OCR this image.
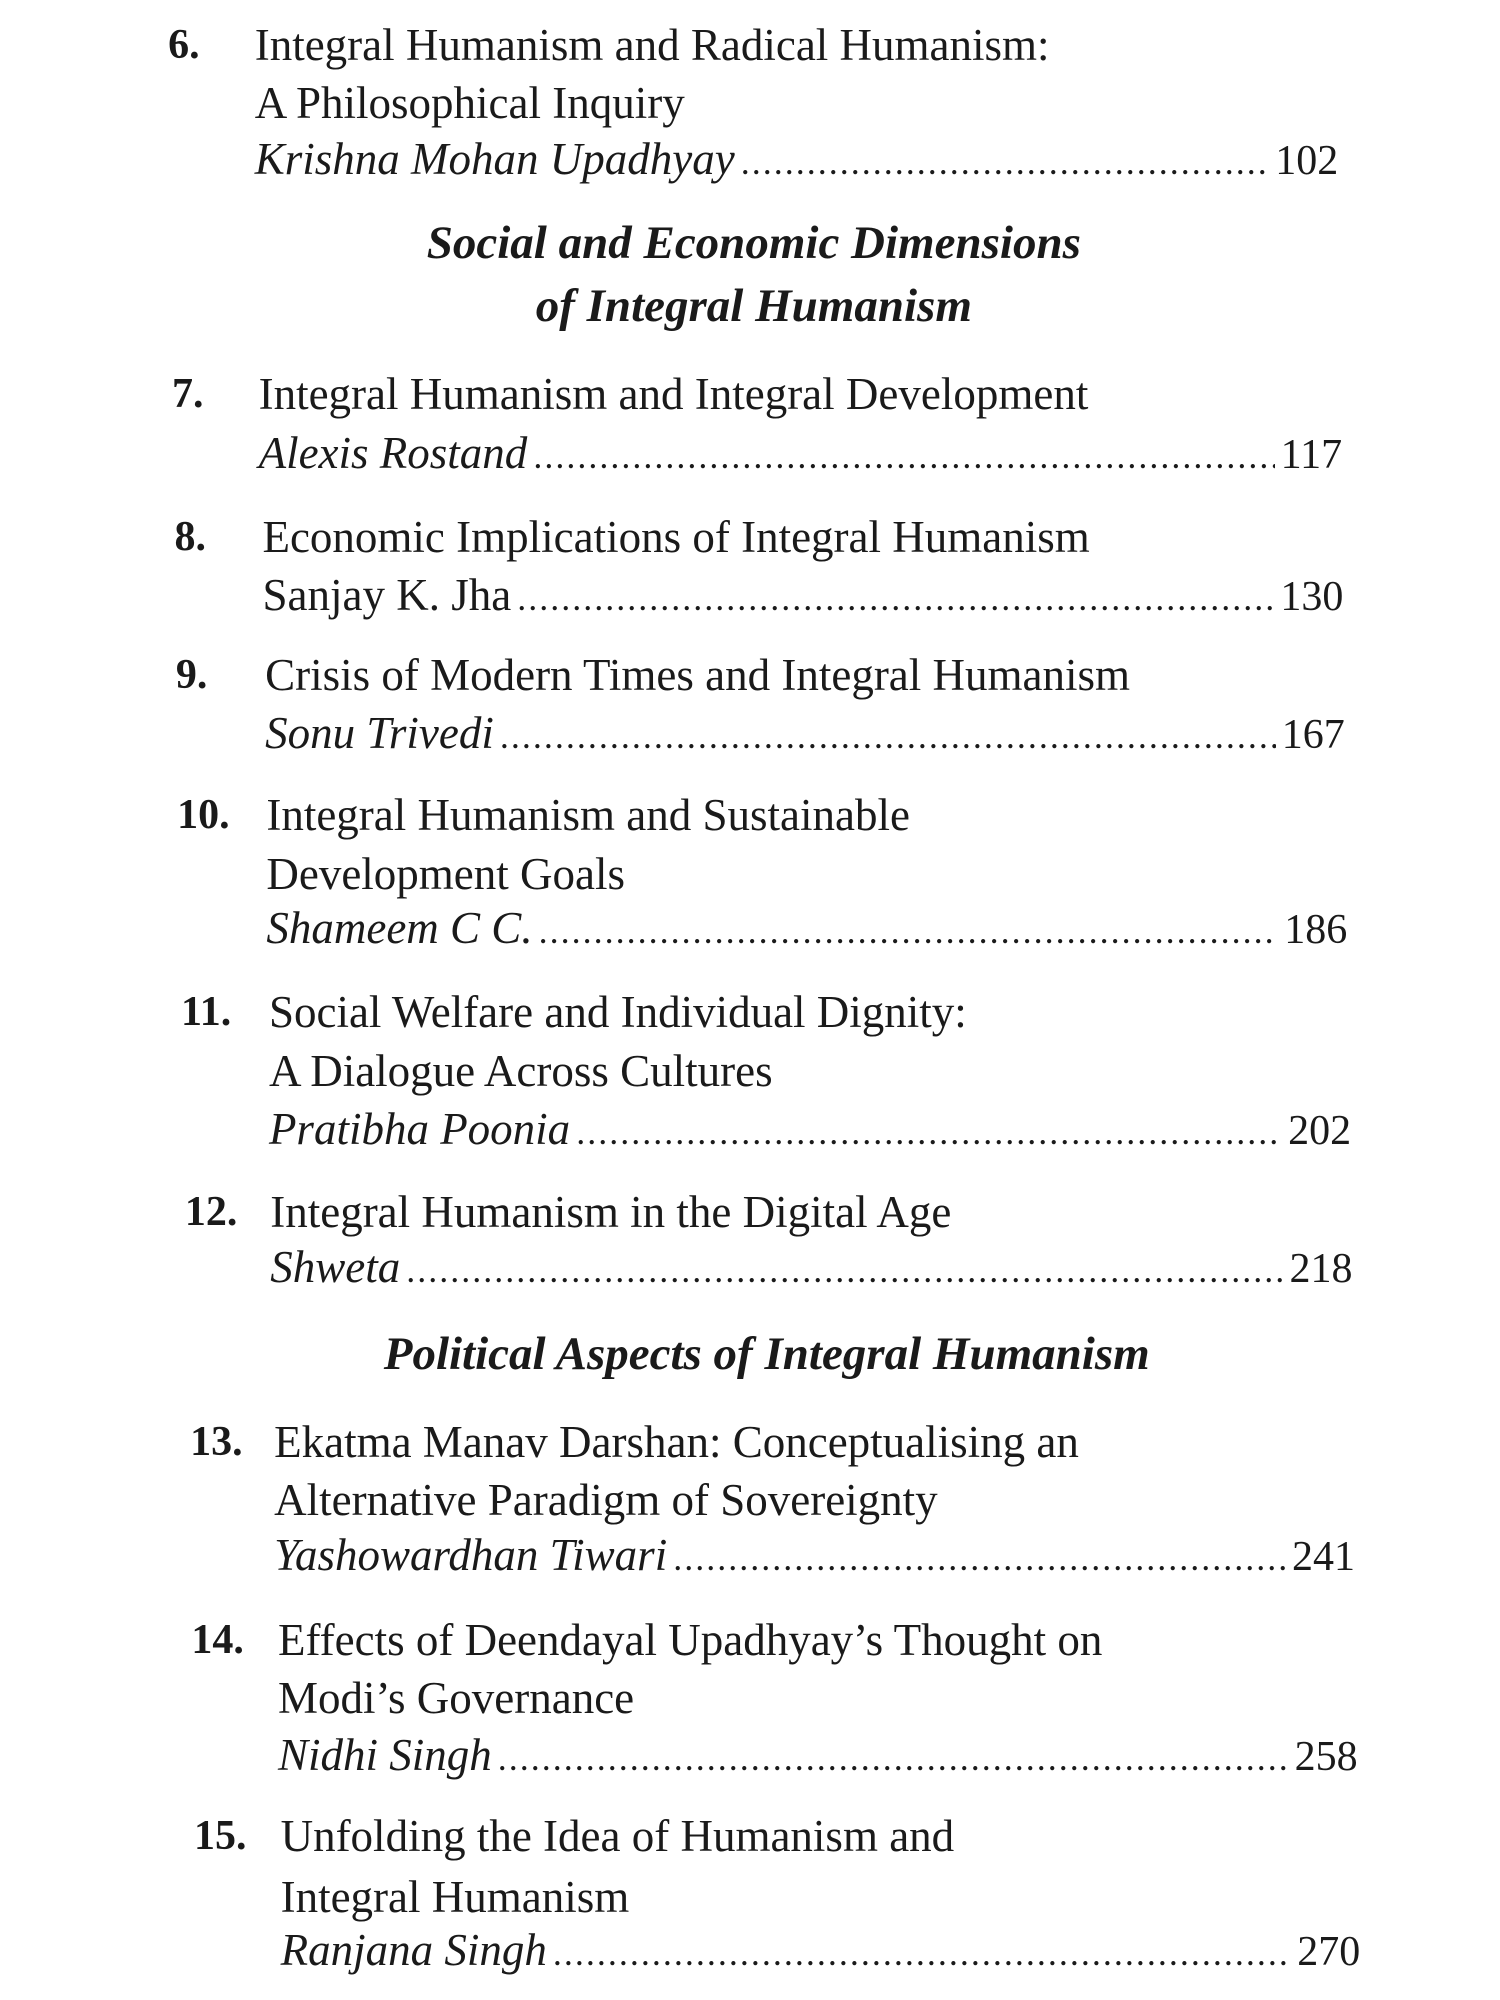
Social and Economic Dimensions
of Integral Humanism
Political Aspects of Integral Humanism
6. Integral Humanism and Radical Humanism:
A Philosophical Inquiry
Krishna Mohan Upadhyay .....	102
7. Integral Humanism and Integral Development
Alexis Rostand .....	117
8. Economic Implications of Integral Humanism
Sanjay K. Jha .....	130
9. Crisis of Modern Times and Integral Humanism
Sonu Trivedi .....	167
10. Integral Humanism and Sustainable
Development Goals
Shameem C C. .....	186
11. Social Welfare and Individual Dignity:
A Dialogue Across Cultures
Pratibha Poonia .....	202
12. Integral Humanism in the Digital Age
Shweta .....	218
13. Ekatma Manav Darshan: Conceptualising an
Alternative Paradigm of Sovereignty
Yashowardhan Tiwari .....	241
14. Effects of Deendayal Upadhyay’s Thought on
Modi’s Governance
Nidhi Singh .....	258
15. Unfolding the Idea of Humanism and
Integral Humanism
Ranjana Singh .....	270
